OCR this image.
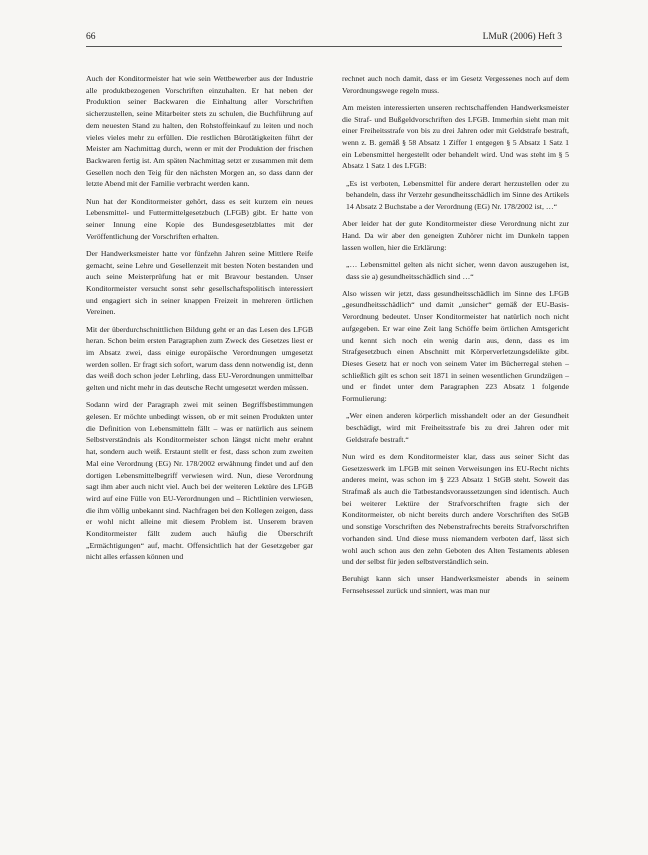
66	LMuR (2006) Heft 3

Auch der Konditormeister hat wie sein Wettbewerber aus der Industrie alle produktbezogenen Vorschriften einzuhalten. Er hat neben der Produktion seiner Backwaren die Einhaltung aller Vorschriften sicherzustellen, seine Mitarbeiter stets zu schulen, die Buchführung auf dem neuesten Stand zu halten, den Rohstoffeinkauf zu leiten und noch vieles vieles mehr zu erfüllen. Die restlichen Bürotätigkeiten führt der Meister am Nachmittag durch, wenn er mit der Produktion der frischen Backwaren fertig ist. Am späten Nachmittag setzt er zusammen mit dem Gesellen noch den Teig für den nächsten Morgen an, so dass dann der letzte Abend mit der Familie verbracht werden kann.

Nun hat der Konditormeister gehört, dass es seit kurzem ein neues Lebensmittel- und Futtermittelgesetzbuch (LFGB) gibt. Er hatte von seiner Innung eine Kopie des Bundesgesetzblattes mit der Veröffentlichung der Vorschriften erhalten.

Der Handwerksmeister hatte vor fünfzehn Jahren seine Mittlere Reife gemacht, seine Lehre und Gesellenzeit mit besten Noten bestanden und auch seine Meisterprüfung hat er mit Bravour bestanden. Unser Konditormeister versucht sonst sehr gesellschaftspolitisch interessiert und engagiert sich in seiner knappen Freizeit in mehreren örtlichen Vereinen.

Mit der überdurchschnittlichen Bildung geht er an das Lesen des LFGB heran. Schon beim ersten Paragraphen zum Zweck des Gesetzes liest er im Absatz zwei, dass einige europäische Verordnungen umgesetzt werden sollen. Er fragt sich sofort, warum dass denn notwendig ist, denn das weiß doch schon jeder Lehrling, dass EU-Verordnungen unmittelbar gelten und nicht mehr in das deutsche Recht umgesetzt werden müssen.

Sodann wird der Paragraph zwei mit seinen Begriffsbestimmungen gelesen. Er möchte unbedingt wissen, ob er mit seinen Produkten unter die Definition von Lebensmitteln fällt – was er natürlich aus seinem Selbstverständnis als Konditormeister schon längst nicht mehr erahnt hat, sondern auch weiß. Erstaunt stellt er fest, dass schon zum zweiten Mal eine Verordnung (EG) Nr. 178/2002 erwähnung findet und auf den dortigen Lebensmittelbegriff verwiesen wird. Nun, diese Verordnung sagt ihm aber auch nicht viel. Auch bei der weiteren Lektüre des LFGB wird auf eine Fülle von EU-Verordnungen und – Richtlinien verwiesen, die ihm völlig unbekannt sind. Nachfragen bei den Kollegen zeigen, dass er wohl nicht alleine mit diesem Problem ist. Unserem braven Konditormeister fällt zudem auch häufig die Überschrift „Ermächtigungen“ auf, macht. Offensichtlich hat der Gesetzgeber gar nicht alles erfassen können und

rechnet auch noch damit, dass er im Gesetz Vergessenes noch auf dem Verordnungswege regeln muss.

Am meisten interessierten unseren rechtschaffenden Handwerksmeister die Straf- und Bußgeldvorschriften des LFGB. Immerhin sieht man mit einer Freiheitsstrafe von bis zu drei Jahren oder mit Geldstrafe bestraft, wenn z. B. gemäß § 58 Absatz 1 Ziffer 1 entgegen § 5 Absatz 1 Satz 1 ein Lebensmittel hergestellt oder behandelt wird. Und was steht im § 5 Absatz 1 Satz 1 des LFGB:

„Es ist verboten, Lebensmittel für andere derart herzustellen oder zu behandeln, dass ihr Verzehr gesundheitsschädlich im Sinne des Artikels 14 Absatz 2 Buchstabe a der Verordnung (EG) Nr. 178/2002 ist, …“

Aber leider hat der gute Konditormeister diese Verordnung nicht zur Hand. Da wir aber den geneigten Zuhörer nicht im Dunkeln tappen lassen wollen, hier die Erklärung:

„… Lebensmittel gelten als nicht sicher, wenn davon auszugehen ist, dass sie a) gesundheitsschädlich sind …“

Also wissen wir jetzt, dass gesundheitsschädlich im Sinne des LFGB „gesundheitsschädlich“ und damit „unsicher“ gemäß der EU-Basis-Verordnung bedeutet. Unser Konditormeister hat natürlich noch nicht aufgegeben. Er war eine Zeit lang Schöffe beim örtlichen Amtsgericht und kennt sich noch ein wenig darin aus, denn, dass es im Strafgesetzbuch einen Abschnitt mit Körperverletzungsdelikte gibt. Dieses Gesetz hat er noch von seinem Vater im Bücherregal stehen – schließlich gilt es schon seit 1871 in seinen wesentlichen Grundzügen – und er findet unter dem Paragraphen 223 Absatz 1 folgende Formulierung:

„Wer einen anderen körperlich misshandelt oder an der Gesundheit beschädigt, wird mit Freiheitsstrafe bis zu drei Jahren oder mit Geldstrafe bestraft.“

Nun wird es dem Konditormeister klar, dass aus seiner Sicht das Gesetzeswerk im LFGB mit seinen Verweisungen ins EU-Recht nichts anderes meint, was schon im § 223 Absatz 1 StGB steht. Soweit das Strafmaß als auch die Tatbestandsvoraussetzungen sind identisch. Auch bei weiterer Lektüre der Strafvorschriften fragte sich der Konditormeister, ob nicht bereits durch andere Vorschriften des StGB und sonstige Vorschriften des Nebenstrafrechts bereits Strafvorschriften vorhanden sind. Und diese muss niemandem verboten darf, lässt sich wohl auch schon aus den zehn Geboten des Alten Testaments ablesen und der selbst für jeden selbstverständlich sein.

Beruhigt kann sich unser Handwerksmeister abends in seinem Fernsehsessel zurück und sinniert, was man nur
